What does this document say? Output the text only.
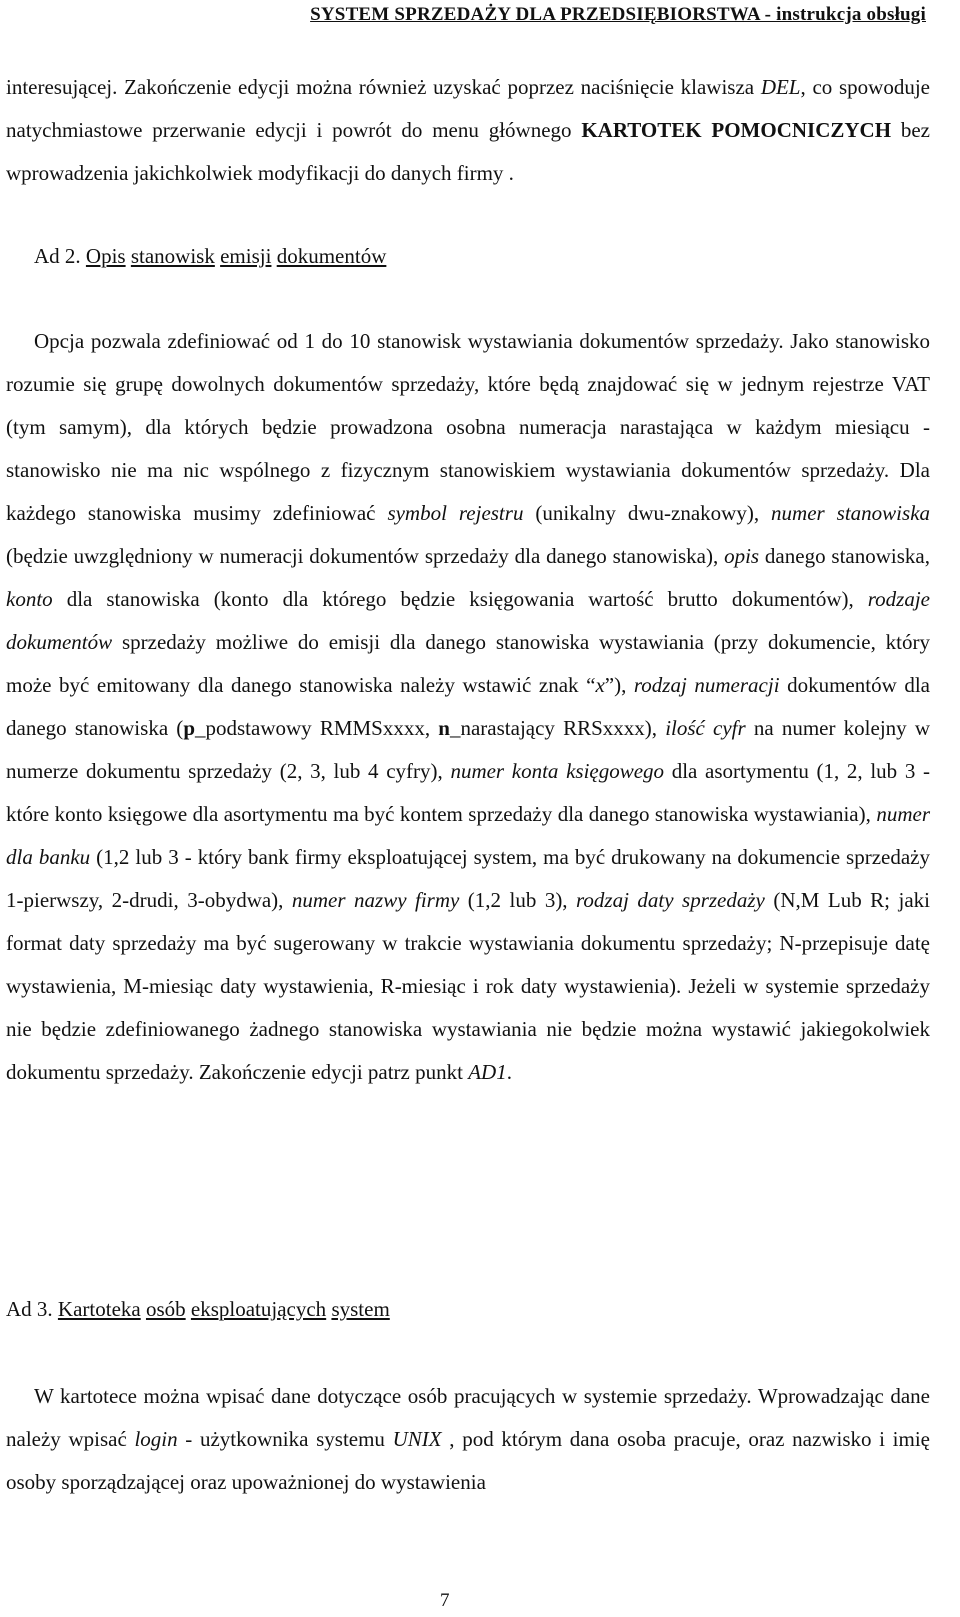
SYSTEM SPRZEDAŻY DLA PRZEDSIĘBIORSTWA - instrukcja obsługi

interesującej. Zakończenie edycji można również uzyskać poprzez naciśnięcie klawisza DEL, co spowoduje natychmiastowe przerwanie edycji i powrót do menu głównego KARTOTEK POMOCNICZYCH bez wprowadzenia jakichkolwiek modyfikacji do danych firmy .

Ad 2. Opis stanowisk emisji dokumentów

Opcja pozwala zdefiniować od 1 do 10 stanowisk wystawiania dokumentów sprzedaży. Jako stanowisko rozumie się grupę dowolnych dokumentów sprzedaży, które będą znajdować się w jednym rejestrze VAT (tym samym), dla których będzie prowadzona osobna numeracja narastająca w każdym miesiącu - stanowisko nie ma nic wspólnego z fizycznym stanowiskiem wystawiania dokumentów sprzedaży. Dla każdego stanowiska musimy zdefiniować symbol rejestru (unikalny dwu-znakowy), numer stanowiska (będzie uwzględniony w numeracji dokumentów sprzedaży dla danego stanowiska), opis danego stanowiska, konto dla stanowiska (konto dla którego będzie księgowania wartość brutto dokumentów), rodzaje dokumentów sprzedaży możliwe do emisji dla danego stanowiska wystawiania (przy dokumencie, który może być emitowany dla danego stanowiska należy wstawić znak “x”), rodzaj numeracji dokumentów dla danego stanowiska (p_podstawowy RMMSxxxx, n_narastający RRSxxxx), ilość cyfr na numer kolejny w numerze dokumentu sprzedaży (2, 3, lub 4 cyfry), numer konta księgowego dla asortymentu (1, 2, lub 3 - które konto księgowe dla asortymentu ma być kontem sprzedaży dla danego stanowiska wystawiania), numer dla banku (1,2 lub 3 - który bank firmy eksploatującej system, ma być drukowany na dokumencie sprzedaży 1-pierwszy, 2-drudi, 3-obydwa), numer nazwy firmy (1,2 lub 3), rodzaj daty sprzedaży (N,M Lub R; jaki format daty sprzedaży ma być sugerowany w trakcie wystawiania dokumentu sprzedaży; N-przepisuje datę wystawienia, M-miesiąc daty wystawienia, R-miesiąc i rok daty wystawienia). Jeżeli w systemie sprzedaży nie będzie zdefiniowanego żadnego stanowiska wystawiania nie będzie można wystawić jakiegokolwiek dokumentu sprzedaży. Zakończenie edycji patrz punkt AD1.

Ad 3. Kartoteka osób eksploatujących system

W kartotece można wpisać dane dotyczące osób pracujących w systemie sprzedaży. Wprowadzając dane należy wpisać login - użytkownika systemu UNIX , pod którym dana osoba pracuje, oraz nazwisko i imię osoby sporządzającej oraz upoważnionej do wystawienia

7
